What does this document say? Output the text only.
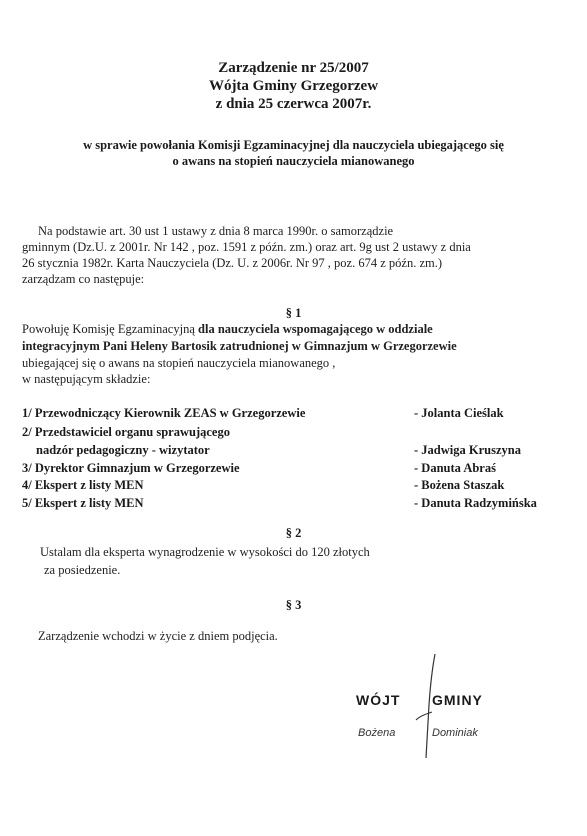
Zarządzenie nr 25/2007
Wójta Gminy Grzegorzew
z dnia 25 czerwca 2007r.
w sprawie powołania Komisji Egzaminacyjnej dla nauczyciela ubiegającego się
o awans na stopień nauczyciela mianowanego
Na podstawie art. 30 ust 1 ustawy z dnia 8 marca 1990r. o samorządzie
gminnym (Dz.U. z 2001r. Nr 142 , poz. 1591 z późn. zm.) oraz art. 9g ust 2 ustawy z dnia
26 stycznia 1982r. Karta Nauczyciela (Dz. U. z 2006r. Nr 97 , poz. 674 z późn. zm.)
zarządzam co następuje:
§ 1
Powołuję Komisję Egzaminacyjną dla nauczyciela wspomagającego w oddziale
integracyjnym Pani Heleny Bartosik zatrudnionej w Gimnazjum w Grzegorzewie
ubiegającej się o awans na stopień nauczyciela mianowanego ,
w następującym składzie:
1/ Przewodniczący Kierownik ZEAS w Grzegorzewie	- Jolanta Cieślak
2/ Przedstawiciel organu sprawującego
nadzór pedagogiczny - wizytator	- Jadwiga Kruszyna
3/ Dyrektor Gimnazjum w Grzegorzewie	- Danuta Abraś
4/ Ekspert z listy MEN	- Bożena Staszak
5/ Ekspert z listy MEN	- Danuta Radzymińska
§ 2
Ustalam dla eksperta wynagrodzenie w wysokości do 120 złotych
za posiedzenie.
§ 3
Zarządzenie wchodzi w życie z dniem podjęcia.
WÓJT GMINY
Bożena	Dominiak
